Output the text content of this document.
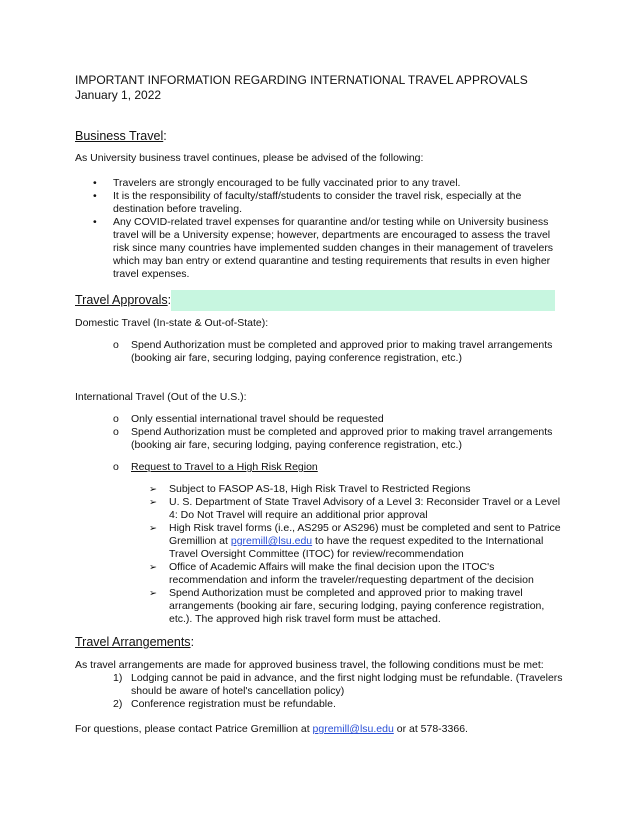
IMPORTANT INFORMATION REGARDING INTERNATIONAL TRAVEL APPROVALS

January 1, 2022

Business Travel:

As University business travel continues, please be advised of the following:

• Travelers are strongly encouraged to be fully vaccinated prior to any travel.
• It is the responsibility of faculty/staff/students to consider the travel risk, especially at the destination before traveling.
• Any COVID-related travel expenses for quarantine and/or testing while on University business travel will be a University expense; however, departments are encouraged to assess the travel risk since many countries have implemented sudden changes in their management of travelers which may ban entry or extend quarantine and testing requirements that results in even higher travel expenses.
Travel Approvals:

Domestic Travel (In-state & Out-of-State):

o Spend Authorization must be completed and approved prior to making travel arrangements (booking air fare, securing lodging, paying conference registration, etc.)

International Travel (Out of the U.S.):

o Only essential international travel should be requested
o Spend Authorization must be completed and approved prior to making travel arrangements (booking air fare, securing lodging, paying conference registration, etc.)
o Request to Travel to a High Risk Region
➢ Subject to FASOP AS-18, High Risk Travel to Restricted Regions
➢ U. S. Department of State Travel Advisory of a Level 3: Reconsider Travel or a Level 4: Do Not Travel will require an additional prior approval
➢ High Risk travel forms (i.e., AS295 or AS296) must be completed and sent to Patrice Gremillion at pgremill@lsu.edu to have the request expedited to the International Travel Oversight Committee (ITOC) for review/recommendation
➢ Office of Academic Affairs will make the final decision upon the ITOC's recommendation and inform the traveler/requesting department of the decision
➢ Spend Authorization must be completed and approved prior to making travel arrangements (booking air fare, securing lodging, paying conference registration, etc.). The approved high risk travel form must be attached.
Travel Arrangements:

As travel arrangements are made for approved business travel, the following conditions must be met:

1) Lodging cannot be paid in advance, and the first night lodging must be refundable. (Travelers should be aware of hotel's cancellation policy)
2) Conference registration must be refundable.

For questions, please contact Patrice Gremillion at pgremill@lsu.edu or at 578-3366.
